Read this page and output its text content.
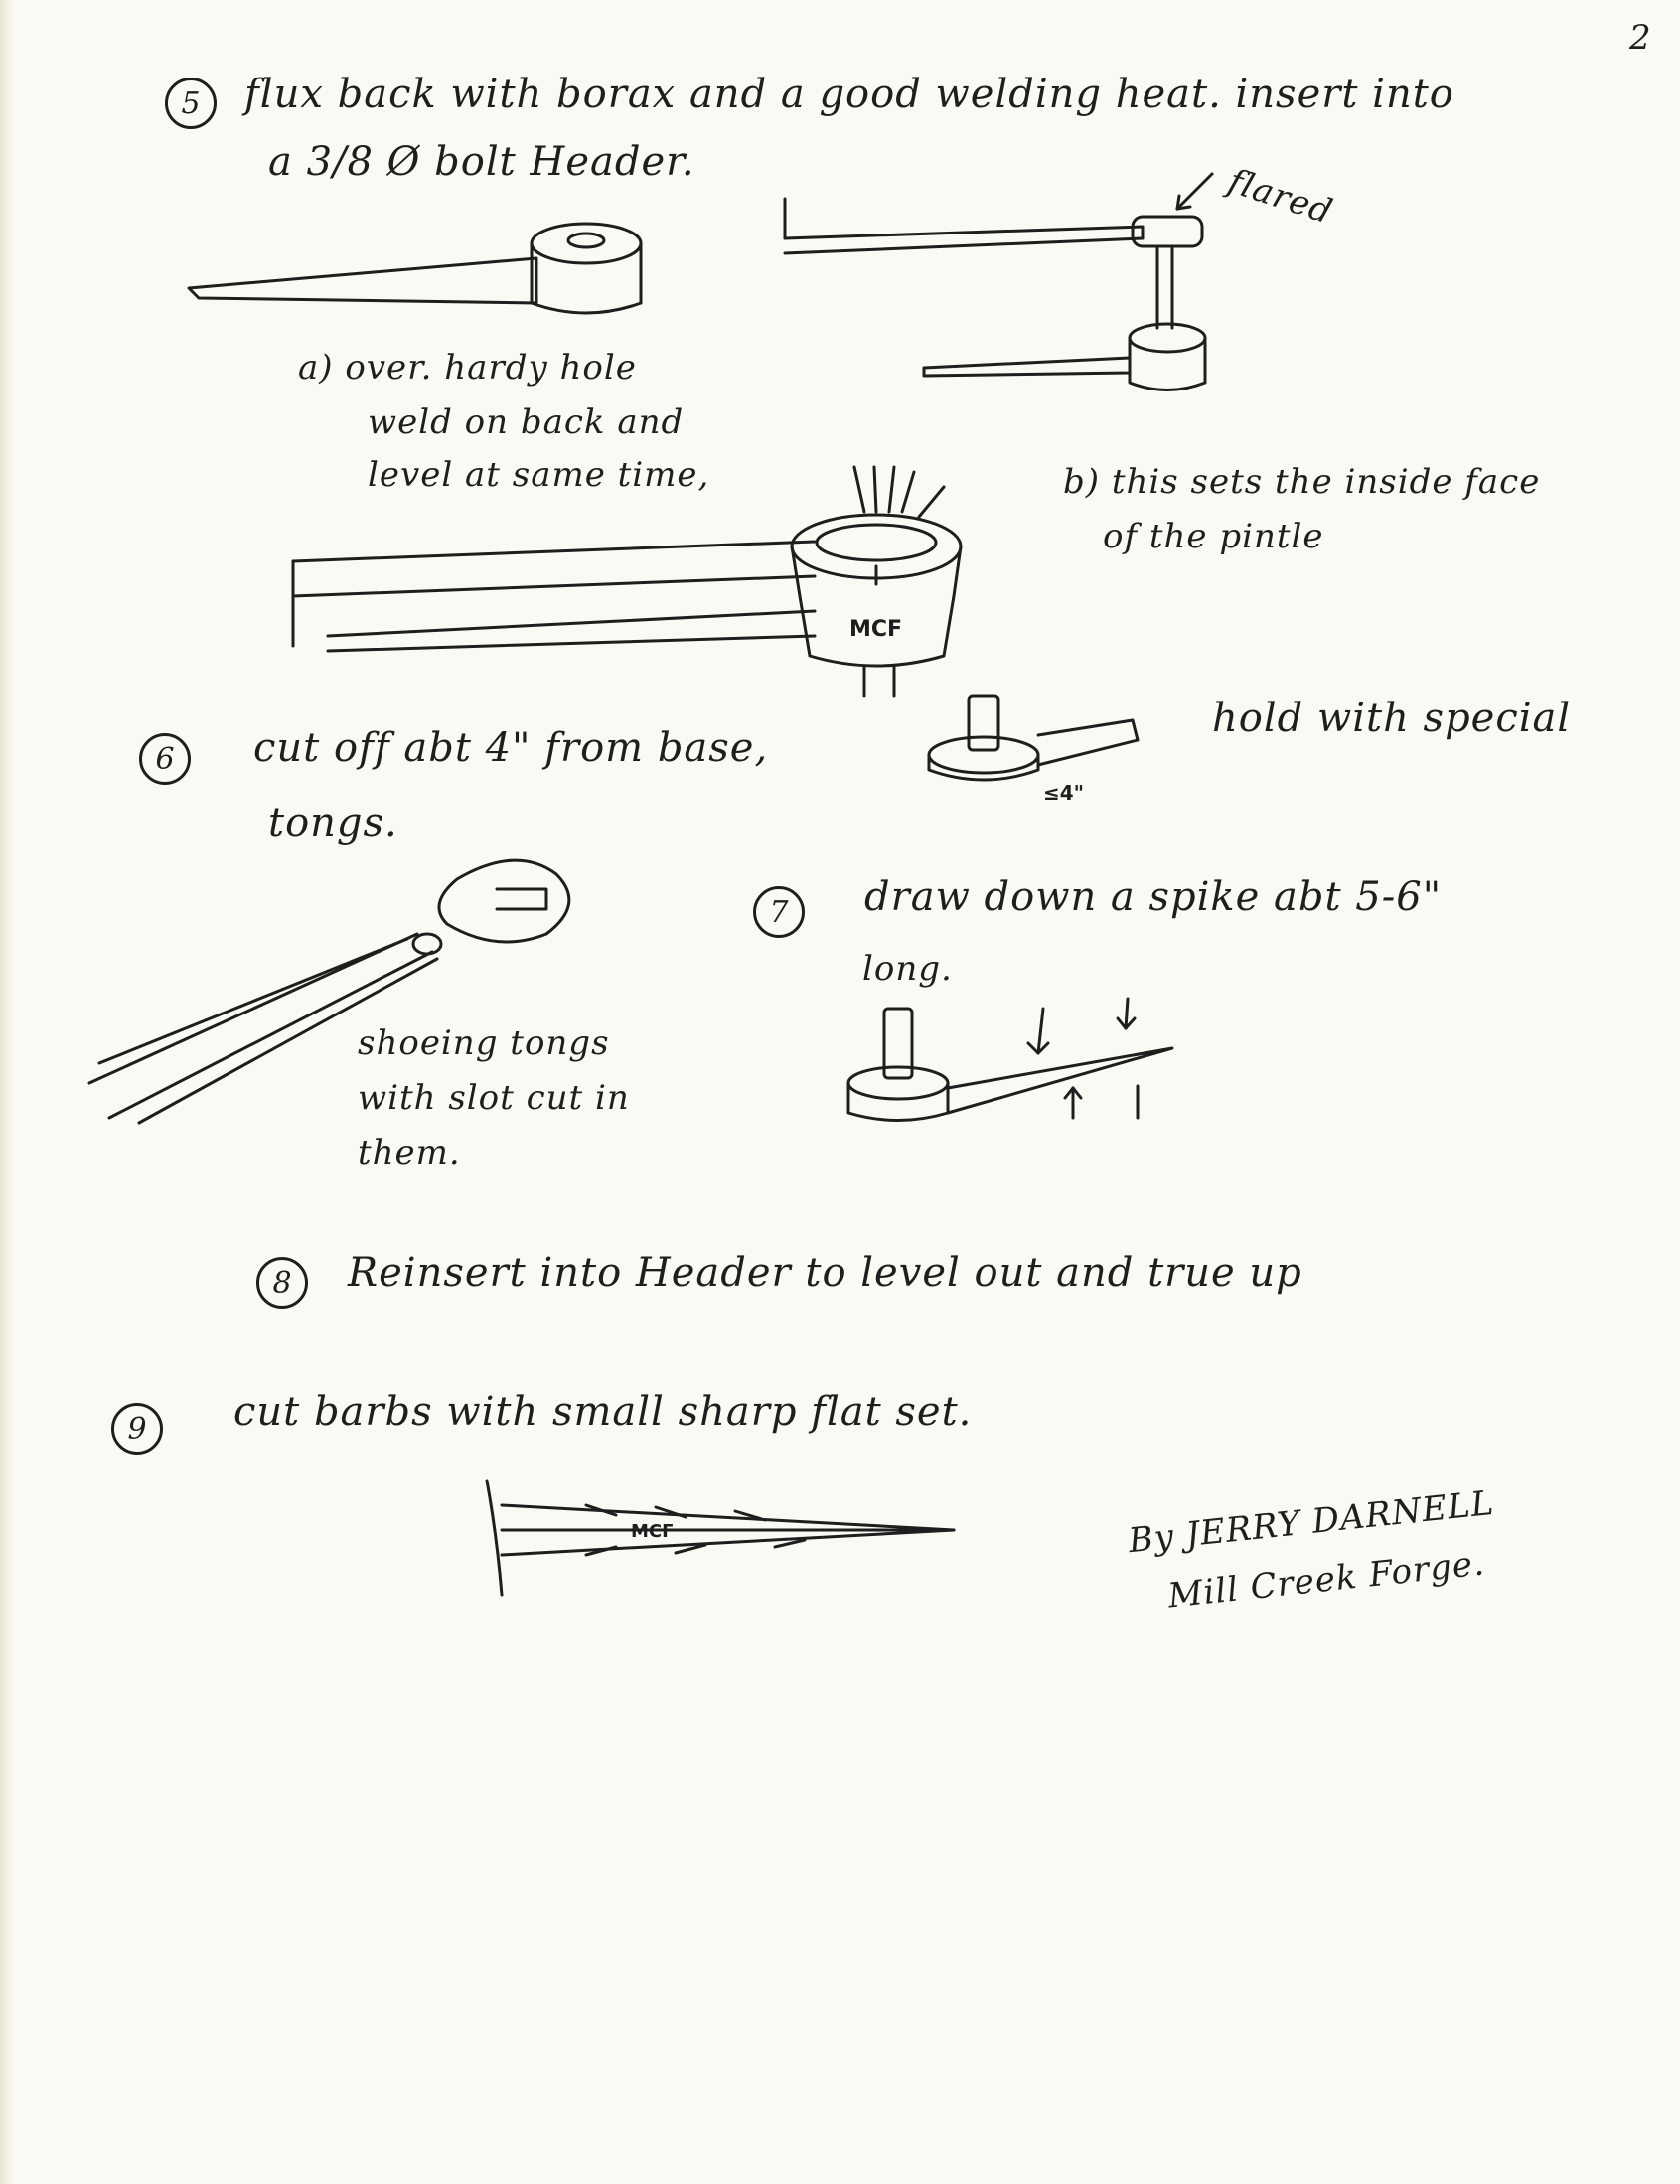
2
5	flux back with borax and a good welding heat. insert into
a 3/8 Ø bolt Header.	flared
a) over. hardy hole
weld on back and
level at same time,	b) this sets the inside face
of the pintle
MCF
6	cut off abt 4" from base,
hold with special
tongs.
≤4"
shoeing tongs
with slot cut in
them.
7	draw down a spike abt 5-6"
long.
8	Reinsert into Header to level out and true up
9	cut barbs with small sharp flat set.
MCF	By JERRY DARNELL
Mill Creek Forge.
